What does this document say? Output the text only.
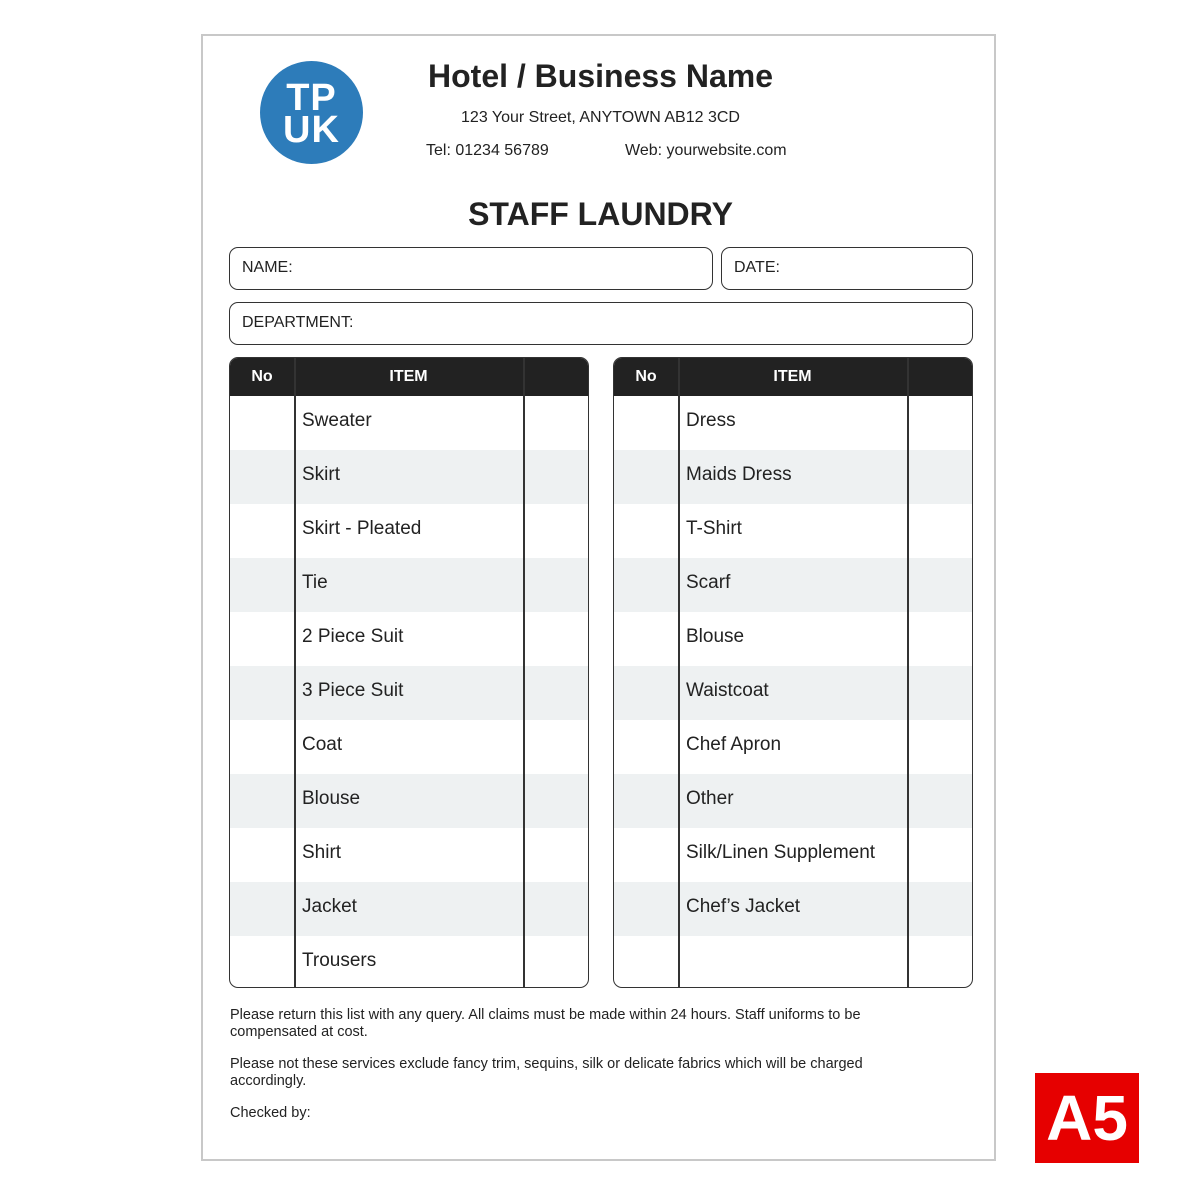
TP
UK
Hotel / Business Name
123 Your Street, ANYTOWN AB12 3CD
Tel: 01234 56789	Web: yourwebsite.com
STAFF LAUNDRY
NAME:	DATE:
DEPARTMENT:
No	ITEM
Sweater
Skirt
Skirt - Pleated
Tie
2 Piece Suit
3 Piece Suit
Coat
Blouse
Shirt
Jacket
Trousers
No	ITEM
Dress
Maids Dress
T-Shirt
Scarf
Blouse
Waistcoat
Chef Apron
Other
Silk/Linen Supplement
Chef’s Jacket
Please return this list with any query. All claims must be made within 24 hours. Staff uniforms to be compensated at cost.
Please not these services exclude fancy trim, sequins, silk or delicate fabrics which will be charged accordingly.
Checked by:	A5
